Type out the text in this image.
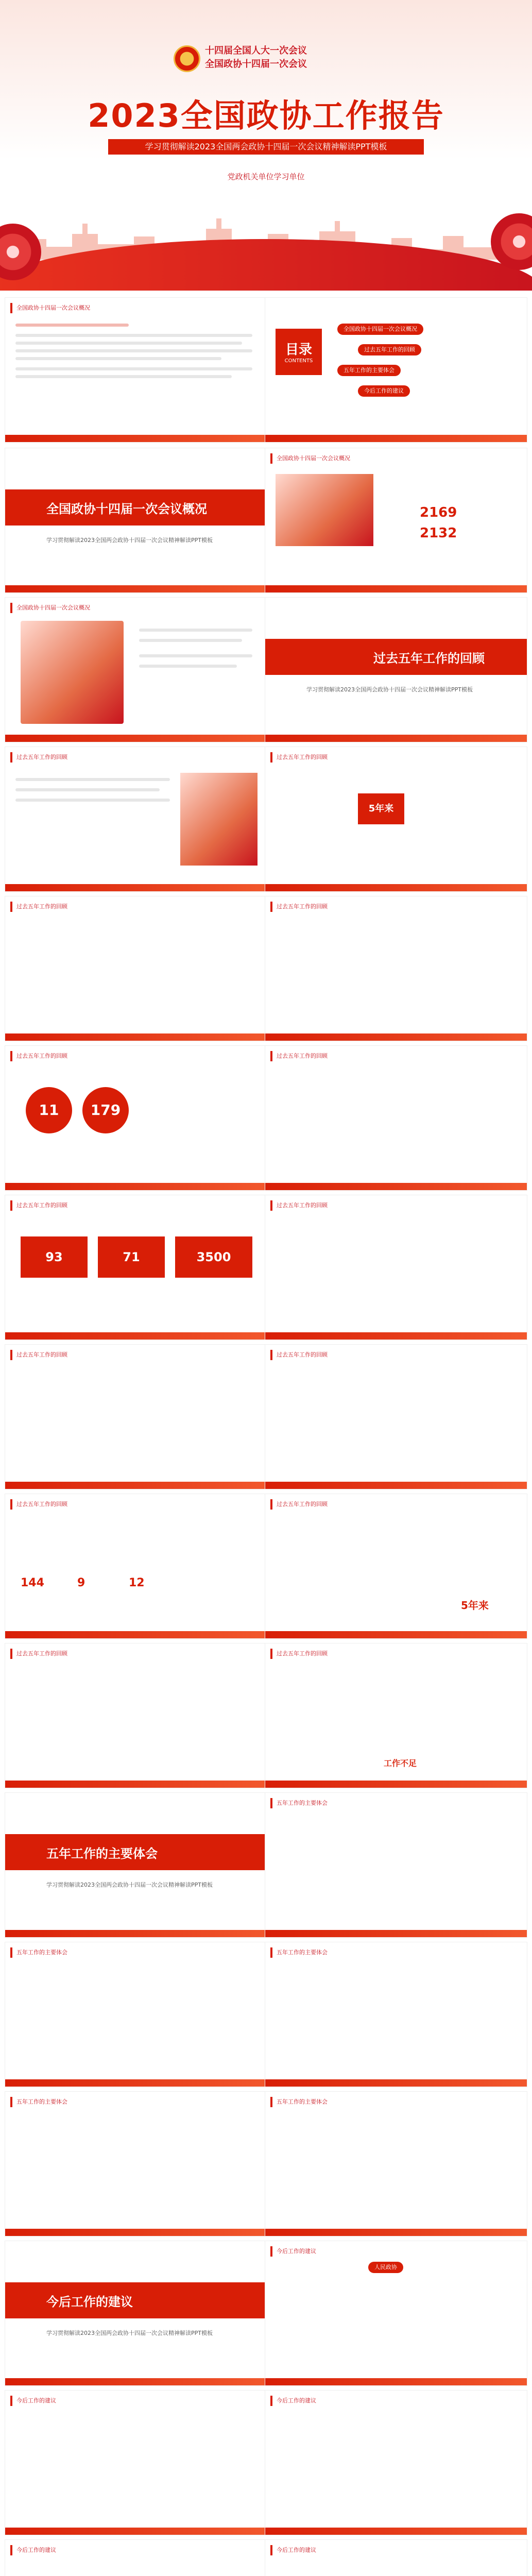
十四届全国人大一次会议
全国政协十四届一次会议
2023全国政协工作报告
学习贯彻解读2023全国两会政协十四届一次会议精神解读PPT模板
党政机关单位学习单位
全国政协十四届一次会议概况
目录
CONTENTS
全国政协十四届一次会议概况
过去五年工作的回顾
五年工作的主要体会
今后工作的建议
全国政协十四届一次会议概况
学习贯彻解读2023全国两会政协十四届一次会议精神解读PPT模板
全国政协十四届一次会议概况
2169
2132
全国政协十四届一次会议概况
过去五年工作的回顾
学习贯彻解读2023全国两会政协十四届一次会议精神解读PPT模板
过去五年工作的回顾	过去五年工作的回顾
5年来
过去五年工作的回顾	过去五年工作的回顾
过去五年工作的回顾
11	179
过去五年工作的回顾
过去五年工作的回顾
93	71	3500
过去五年工作的回顾
过去五年工作的回顾	过去五年工作的回顾
过去五年工作的回顾
144	9	12
过去五年工作的回顾
5年来
过去五年工作的回顾	过去五年工作的回顾
工作不足
五年工作的主要体会
学习贯彻解读2023全国两会政协十四届一次会议精神解读PPT模板
五年工作的主要体会
五年工作的主要体会	五年工作的主要体会
五年工作的主要体会	五年工作的主要体会
今后工作的建议
学习贯彻解读2023全国两会政协十四届一次会议精神解读PPT模板
今后工作的建议
人民政协
今后工作的建议	今后工作的建议
今后工作的建议	今后工作的建议
